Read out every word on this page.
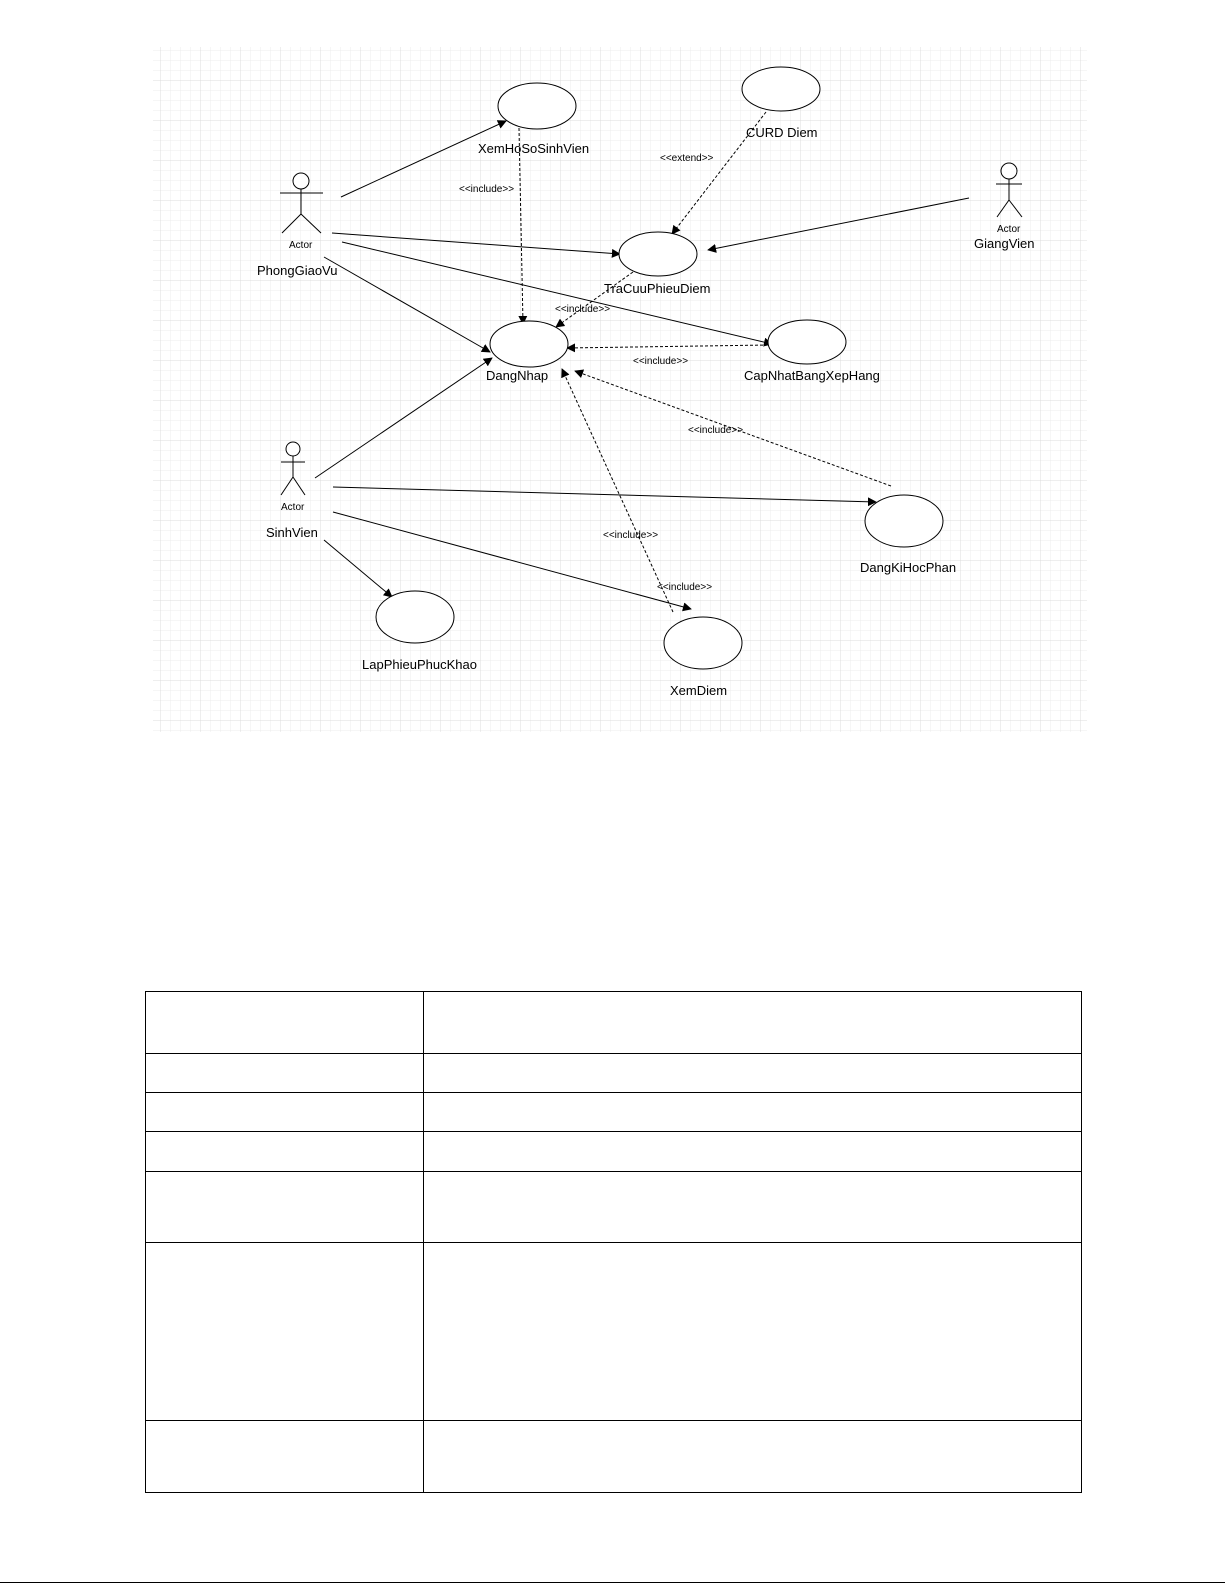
XemHoSoSinhVien
CURD Diem
TraCuuPhieuDiem
DangNhap	CapNhatBangXepHang
DangKiHocPhan
LapPhieuPhucKhao
XemDiem
<<include>>
<<extend>>
<<include>>
<<include>>
<<include>>
<<include>>
<<include>>
Actor
PhongGiaoVu
Actor
GiangVien
Actor
SinhVien
